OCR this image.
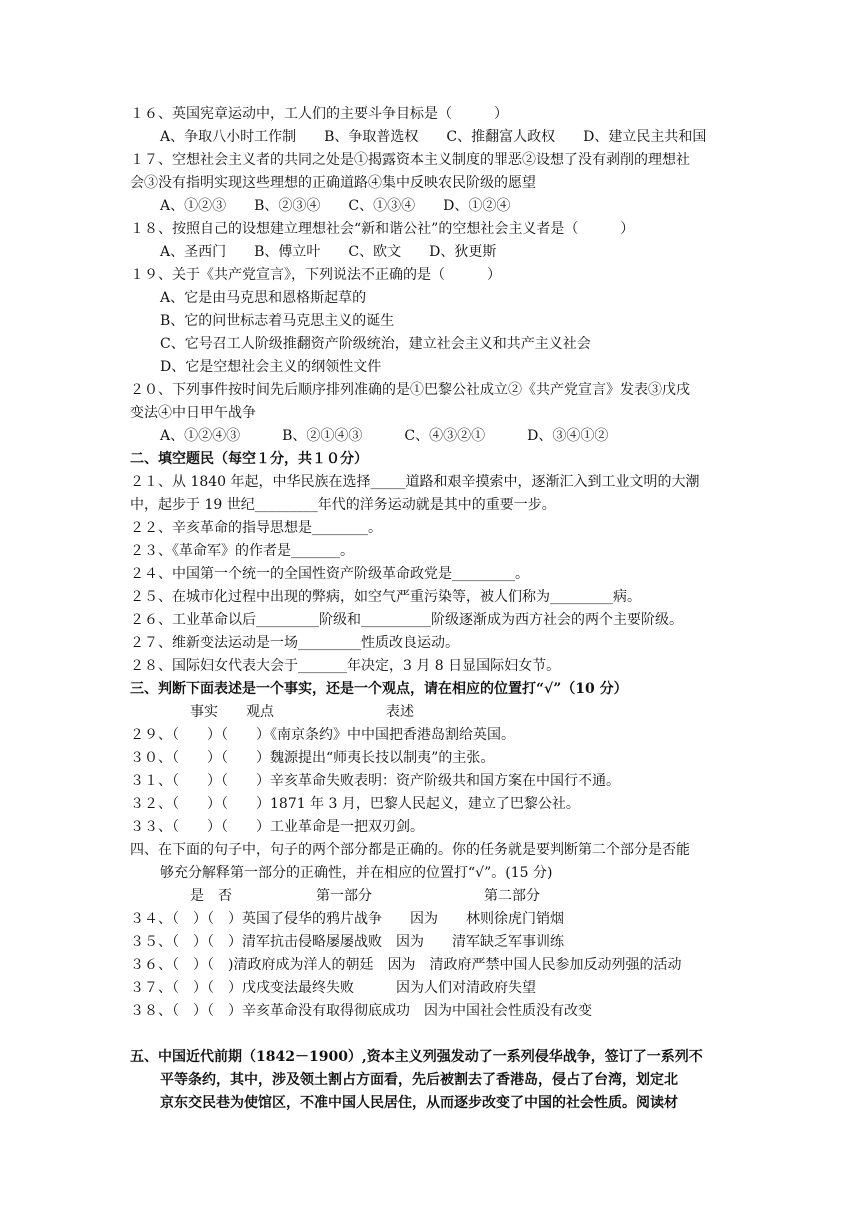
１６、英国宪章运动中，工人们的主要斗争目标是（　　　）
A、争取八小时工作制　　B、争取普选权　　C、推翻富人政权　　D、建立民主共和国
１７、空想社会主义者的共同之处是①揭露资本主义制度的罪恶②设想了没有剥削的理想社
会③没有指明实现这些理想的正确道路④集中反映农民阶级的愿望
A、①②③　　B、②③④　　C、①③④　　D、①②④
１８、按照自己的设想建立理想社会“新和谐公社”的空想社会主义者是（　　　）
A、圣西门　　B、傅立叶　　C、欧文　　D、狄更斯
１９、关于《共产党宣言》，下列说法不正确的是（　　　）
A、它是由马克思和恩格斯起草的
B、它的问世标志着马克思主义的诞生
C、它号召工人阶级推翻资产阶级统治，建立社会主义和共产主义社会
D、它是空想社会主义的纲领性文件
２０、下列事件按时间先后顺序排列准确的是①巴黎公社成立②《共产党宣言》发表③戊戌
变法④中日甲午战争
A、①②④③　　　B、②①④③　　　C、④③②①　　　D、③④①②
二、填空题民（每空１分，共１０分）
２１、从 1840 年起，中华民族在选择_____道路和艰辛摸索中，逐渐汇入到工业文明的大潮
中，起步于 19 世纪_________年代的洋务运动就是其中的重要一步。
２２、辛亥革命的指导思想是________。
２３、《革命军》的作者是_______。
２４、中国第一个统一的全国性资产阶级革命政党是_________。
２５、在城市化过程中出现的弊病，如空气严重污染等，被人们称为_________病。
２６、工业革命以后_________阶级和__________阶级逐渐成为西方社会的两个主要阶级。
２７、维新变法运动是一场_________性质改良运动。
２８、国际妇女代表大会于_______年决定，3 月 8 日显国际妇女节。
三、判断下面表述是一个事实，还是一个观点，请在相应的位置打“√”（10 分）
事实　　观点　　　　　　　　表述
２９、（　　）（　　）《南京条约》中中国把香港岛割给英国。
３０、（　　）（　　）魏源提出“师夷长技以制夷”的主张。
３１、（　　）（　　）辛亥革命失败表明：资产阶级共和国方案在中国行不通。
３２、（　　）（　　）1871 年 3 月，巴黎人民起义，建立了巴黎公社。
３３、（　　）（　　）工业革命是一把双刃剑。
四、在下面的句子中，句子的两个部分都是正确的。你的任务就是要判断第二个部分是否能
够充分解释第一部分的正确性，并在相应的位置打“√”。(15 分)
是　否　　　　　　第一部分　　　　　　　　第二部分
３４、（　）（　）英国了侵华的鸦片战争　　因为　　林则徐虎门销烟
３５、（　）（　）清军抗击侵略屡屡战败　因为　　清军缺乏军事训练
３６、（　）（　)清政府成为洋人的朝廷　因为　清政府严禁中国人民参加反动列强的活动
３７、（　）（　）戊戌变法最终失败　　　因为人们对清政府失望
３８、（　）（　）辛亥革命没有取得彻底成功　因为中国社会性质没有改变
五、中国近代前期（1842－1900）,资本主义列强发动了一系列侵华战争，签订了一系列不
平等条约，其中，涉及领土割占方面看，先后被割去了香港岛，侵占了台湾，划定北
京东交民巷为使馆区，不准中国人民居住，从而逐步改变了中国的社会性质。阅读材
